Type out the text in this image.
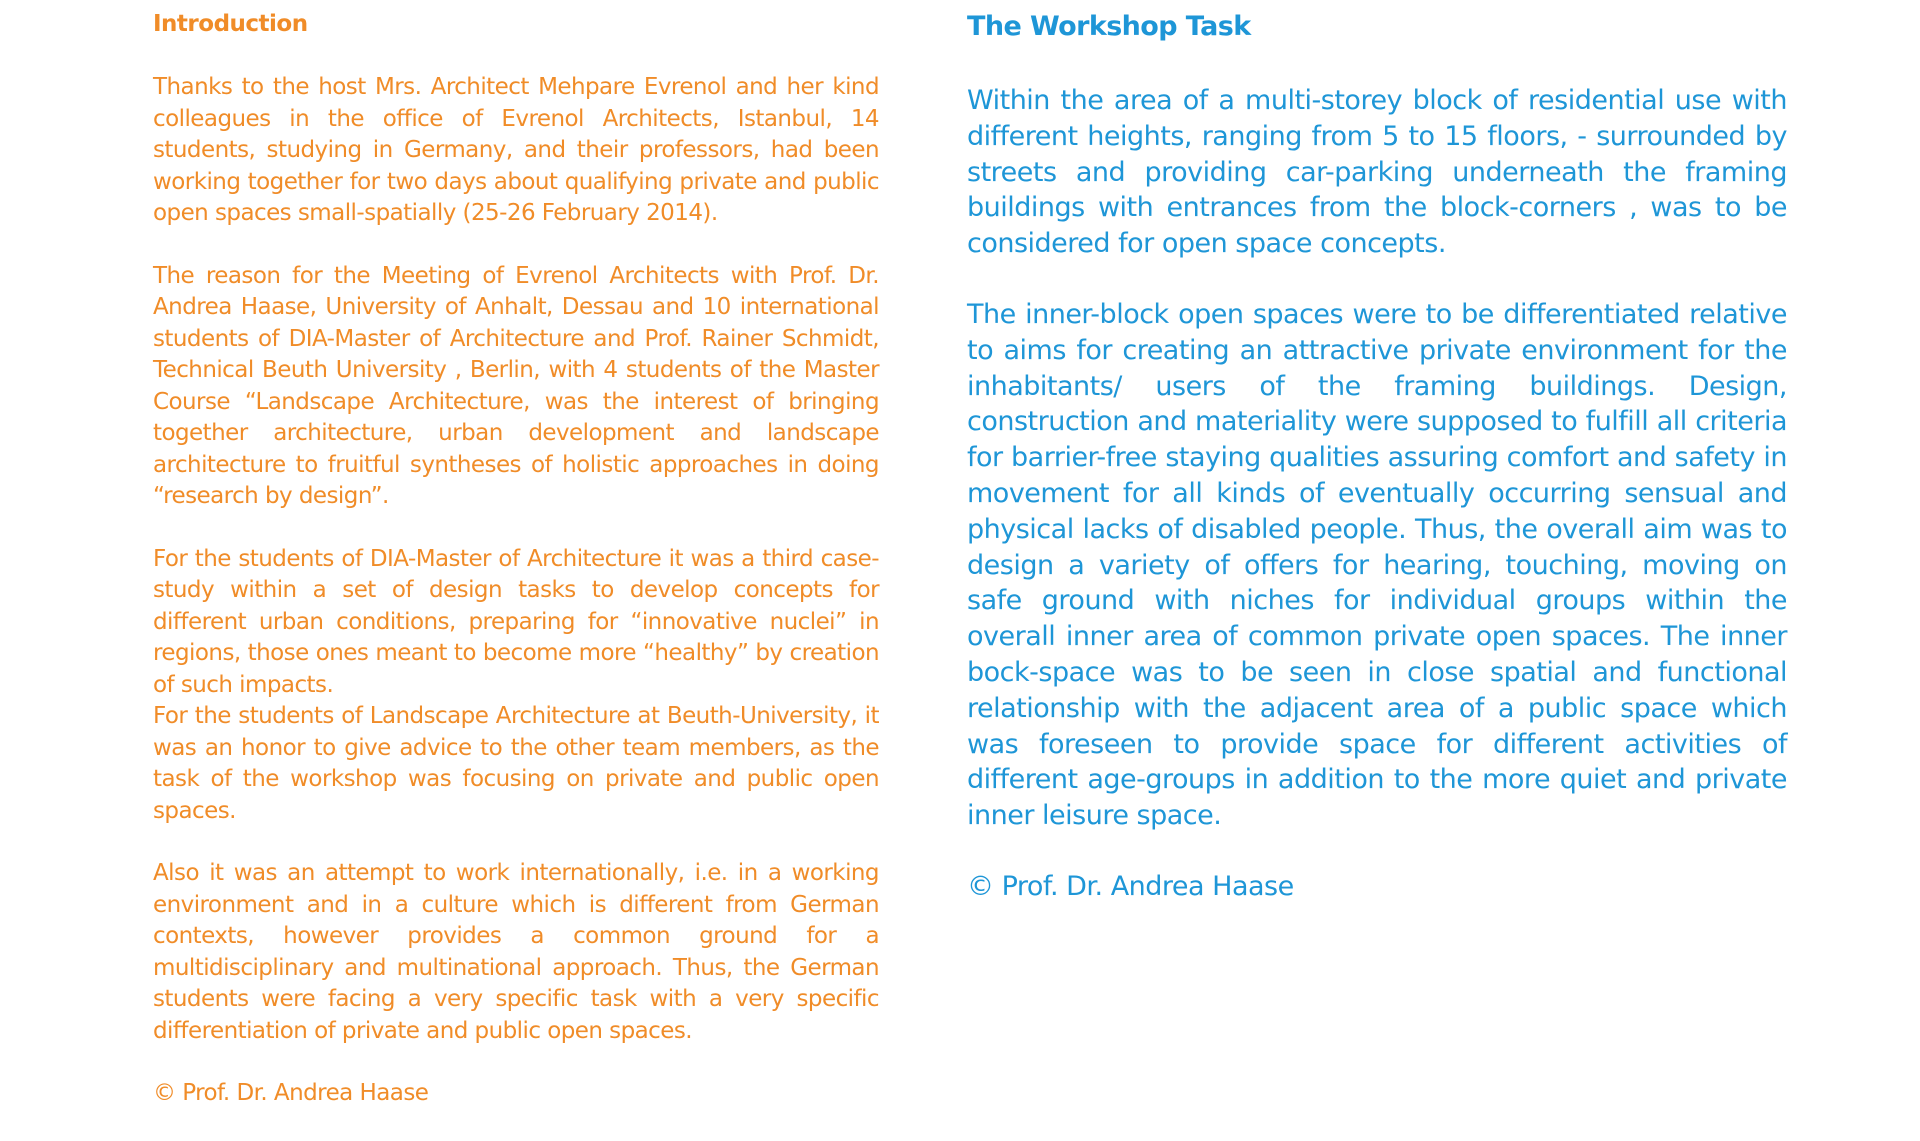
Introduction

Thanks to the host Mrs. Architect Mehpare Evrenol and her kind colleagues in the office of Evrenol Architects, Istanbul, 14 students, studying in Germany, and their professors, had been working together for two days about qualifying private and public open spaces small-spatially (25-26 February 2014).

The reason for the Meeting of Evrenol Architects with Prof. Dr. Andrea Haase, University of Anhalt, Dessau and 10 international students of DIA-Master of Architecture and Prof. Rainer Schmidt, Technical Beuth University , Berlin, with 4 students of the Master Course “Landscape Architecture, was the interest of bringing together architecture, urban development and landscape architecture to fruitful syntheses of holistic approaches in doing “research by design”.

For the students of DIA-Master of Architecture it was a third case-study within a set of design tasks to develop concepts for different urban conditions, preparing for “innovative nuclei” in regions, those ones meant to become more “healthy” by creation of such impacts.

For the students of Landscape Architecture at Beuth-University, it was an honor to give advice to the other team members, as the task of the workshop was focusing on private and public open spaces.

Also it was an attempt to work internationally, i.e. in a working environment and in a culture which is different from German contexts, however provides a common ground for a multidisciplinary and multinational approach. Thus, the German students were facing a very specific task with a very specific differentiation of private and public open spaces.

© Prof. Dr. Andrea Haase

The Workshop Task

Within the area of a multi-storey block of residential use with different heights, ranging from 5 to 15 floors, - surrounded by streets and providing car-parking underneath the framing buildings with entrances from the block-corners , was to be considered for open space concepts.

The inner-block open spaces were to be differentiated relative to aims for creating an attractive private environment for the inhabitants/ users of the framing buildings. Design, construction and materiality were supposed to fulfill all criteria for barrier-free staying qualities assuring comfort and safety in movement for all kinds of eventually occurring sensual and physical lacks of disabled people. Thus, the overall aim was to design a variety of offers for hearing, touching, moving on safe ground with niches for individual groups within the overall inner area of common private open spaces. The inner bock-space was to be seen in close spatial and functional relationship with the adjacent area of a public space which was foreseen to provide space for different activities of different age-groups in addition to the more quiet and private inner leisure space.

© Prof. Dr. Andrea Haase
